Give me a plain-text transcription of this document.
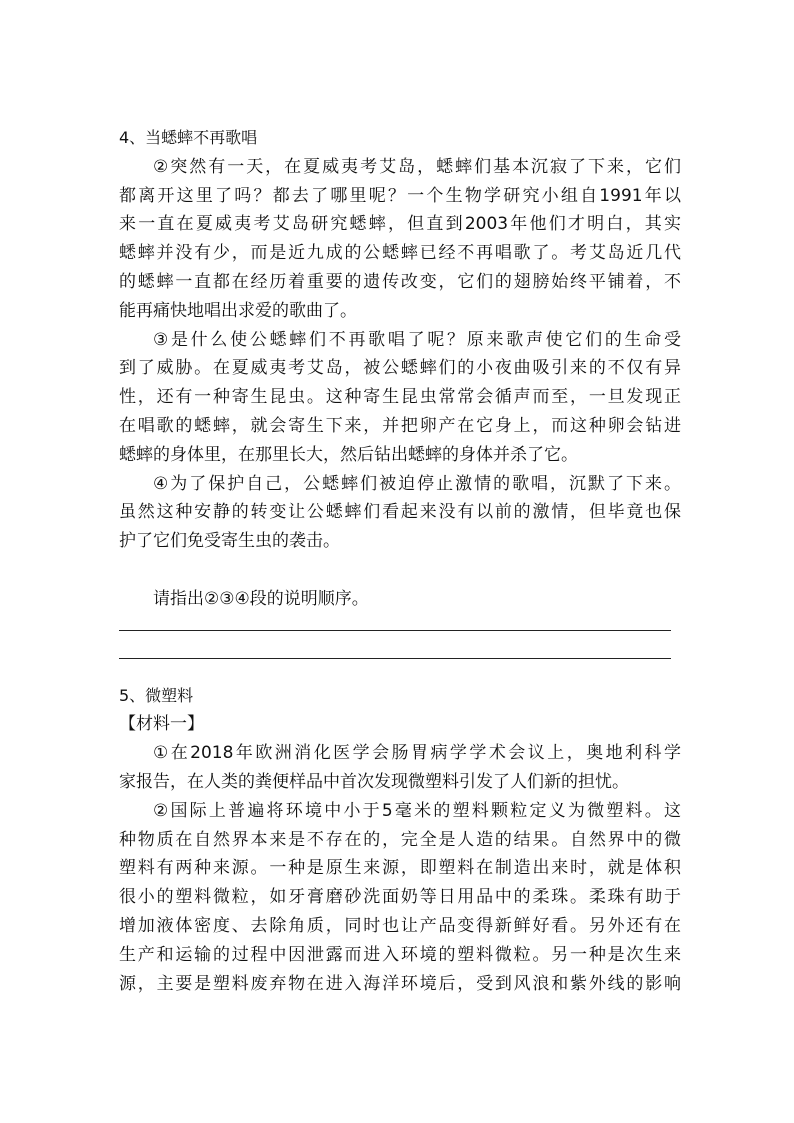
4、当蟋蟀不再歌唱
②突然有一天，在夏威夷考艾岛，蟋蟀们基本沉寂了下来，它们
都离开这里了吗？都去了哪里呢？一个生物学研究小组自1991年以
来一直在夏威夷考艾岛研究蟋蟀，但直到2003年他们才明白，其实
蟋蟀并没有少，而是近九成的公蟋蟀已经不再唱歌了。考艾岛近几代
的蟋蟀一直都在经历着重要的遗传改变，它们的翅膀始终平铺着，不
能再痛快地唱出求爱的歌曲了。
③是什么使公蟋蟀们不再歌唱了呢？原来歌声使它们的生命受
到了威胁。在夏威夷考艾岛，被公蟋蟀们的小夜曲吸引来的不仅有异
性，还有一种寄生昆虫。这种寄生昆虫常常会循声而至，一旦发现正
在唱歌的蟋蟀，就会寄生下来，并把卵产在它身上，而这种卵会钻进
蟋蟀的身体里，在那里长大，然后钻出蟋蟀的身体并杀了它。
④为了保护自己，公蟋蟀们被迫停止激情的歌唱，沉默了下来。
虽然这种安静的转变让公蟋蟀们看起来没有以前的激情，但毕竟也保
护了它们免受寄生虫的袭击。
请指出②③④段的说明顺序。
5、微塑料
【材料一】
①在2018年欧洲消化医学会肠胃病学学术会议上，奥地利科学
家报告，在人类的粪便样品中首次发现微塑料引发了人们新的担忧。
②国际上普遍将环境中小于5毫米的塑料颗粒定义为微塑料。这
种物质在自然界本来是不存在的，完全是人造的结果。自然界中的微
塑料有两种来源。一种是原生来源，即塑料在制造出来时，就是体积
很小的塑料微粒，如牙膏磨砂洗面奶等日用品中的柔珠。柔珠有助于
增加液体密度、去除角质，同时也让产品变得新鲜好看。另外还有在
生产和运输的过程中因泄露而进入环境的塑料微粒。另一种是次生来
源，主要是塑料废弃物在进入海洋环境后，受到风浪和紫外线的影响
